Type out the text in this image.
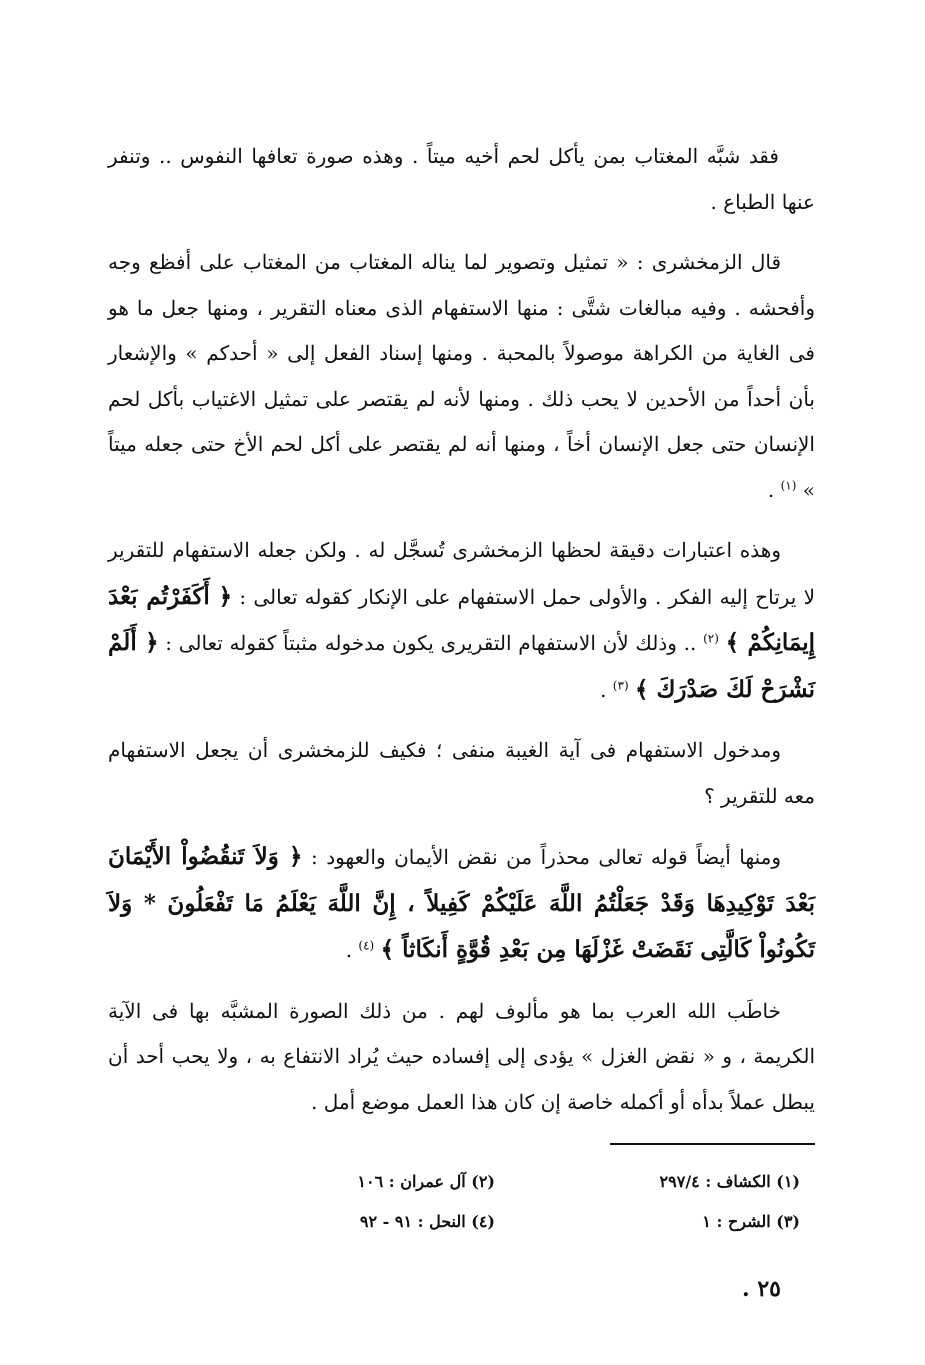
فقد شبَّه المغتاب بمن يأكل لحم أخيه ميتاً . وهذه صورة تعافها النفوس .. وتنفر عنها الطباع .

قال الزمخشرى : « تمثيل وتصوير لما يناله المغتاب من المغتاب على أفظع وجه وأفحشه . وفيه مبالغات شتَّى : منها الاستفهام الذى معناه التقرير ، ومنها جعل ما هو فى الغاية من الكراهة موصولاً بالمحبة . ومنها إسناد الفعل إلى « أحدكم » والإشعار بأن أحداً من الأحدين لا يحب ذلك . ومنها لأنه لم يقتصر على تمثيل الاغتياب بأكل لحم الإنسان حتى جعل الإنسان أخاً ، ومنها أنه لم يقتصر على أكل لحم الأخ حتى جعله ميتاً » $^{(١)}$ .

وهذه اعتبارات دقيقة لحظها الزمخشرى تُسجَّل له . ولكن جعله الاستفهام للتقرير لا يرتاح إليه الفكر . والأولى حمل الاستفهام على الإنكار كقوله تعالى : ﴿ أَكَفَرْتُم بَعْدَ إِيمَانِكُمْ ﴾ $^{(٢)}$ .. وذلك لأن الاستفهام التقريرى يكون مدخوله مثبتاً كقوله تعالى : ﴿ أَلَمْ نَشْرَحْ لَكَ صَدْرَكَ ﴾ $^{(٣)}$ .

ومدخول الاستفهام فى آية الغيبة منفى ؛ فكيف للزمخشرى أن يجعل الاستفهام معه للتقرير ؟

ومنها أيضاً قوله تعالى محذراً من نقض الأيمان والعهود : ﴿ وَلاَ تَنقُضُواْ الأَيْمَانَ بَعْدَ تَوْكِيدِهَا وَقَدْ جَعَلْتُمُ اللَّهَ عَلَيْكُمْ كَفِيلاً ، إِنَّ اللَّهَ يَعْلَمُ مَا تَفْعَلُونَ * وَلاَ تَكُونُواْ كَالَّتِى نَقَضَتْ غَزْلَهَا مِن بَعْدِ قُوَّةٍ أَنكَاثاً ﴾ $^{(٤)}$ .

خاطَب الله العرب بما هو مألوف لهم . من ذلك الصورة المشبَّه بها فى الآية الكريمة ، و « نقض الغزل » يؤدى إلى إفساده حيث يُراد الانتفاع به ، ولا يحب أحد أن يبطل عملاً بدأه أو أكمله خاصة إن كان هذا العمل موضع أمل .

(١) الكشاف : ٢٩٧/٤
(٢) آل عمران : ١٠٦
(٣) الشرح : ١
(٤) النحل : ٩١ - ٩٢
٢٥ .
